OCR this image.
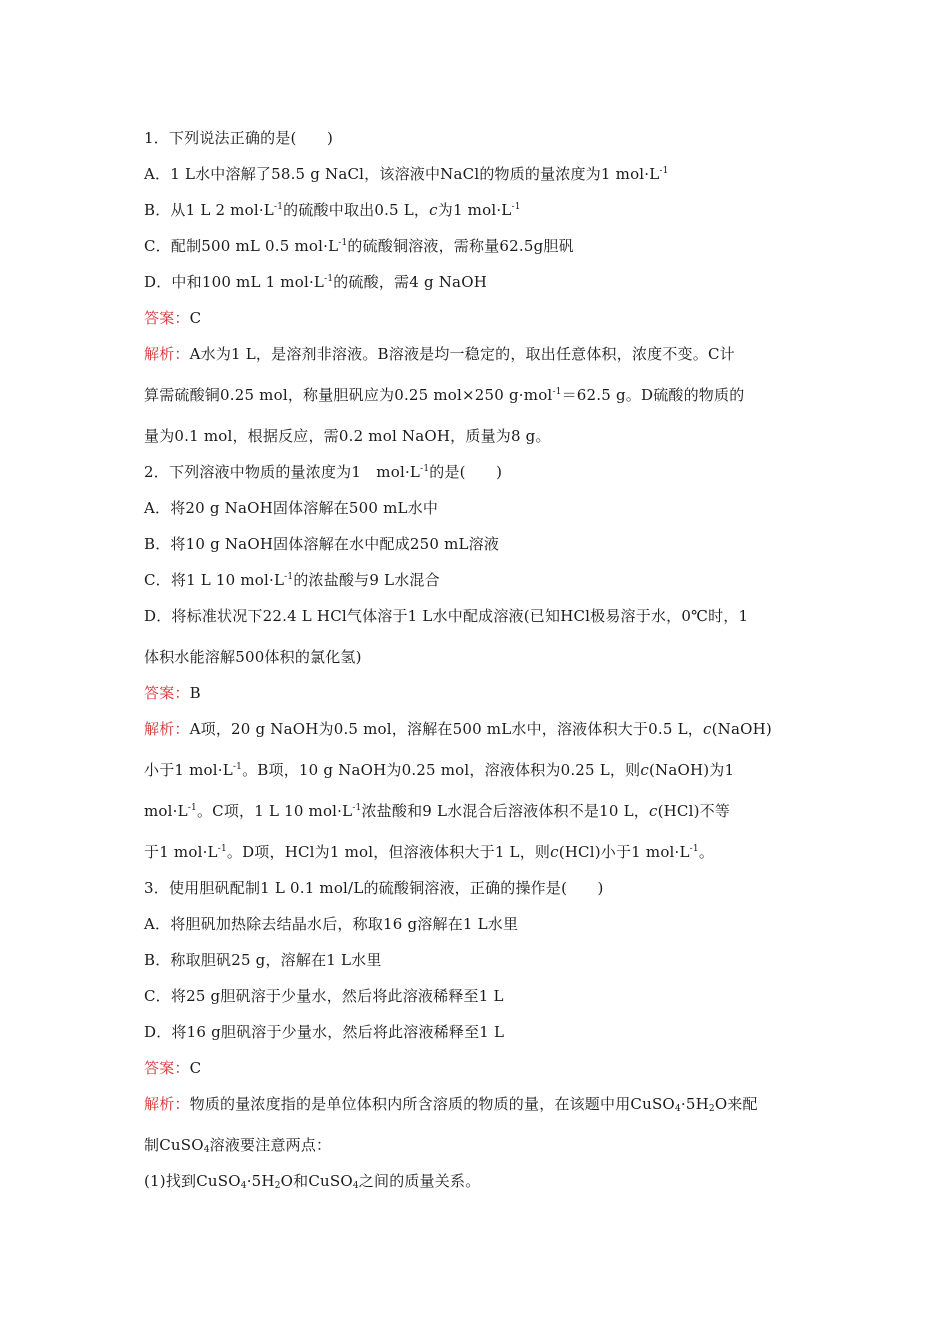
1．下列说法正确的是(　　)
A．1 L水中溶解了58.5 g NaCl，该溶液中NaCl的物质的量浓度为1 $mol\cdot L^{-1}$
B．从1 L 2 $mol\cdot L^{-1}$的硫酸中取出0.5 L，c为1 $mol\cdot L^{-1}$
C．配制500 mL 0.5 $mol\cdot L^{-1}$的硫酸铜溶液，需称量62.5g胆矾
D．中和100 mL 1 $mol\cdot L^{-1}$的硫酸，需4 g NaOH
答案：C
解析：A水为1 L，是溶剂非溶液。B溶液是均一稳定的，取出任意体积，浓度不变。C计
算需硫酸铜0.25 mol，称量胆矾应为0.25 mol×250 g·mol$^{-1}$＝62.5 g。D硫酸的物质的
量为0.1 mol，根据反应，需0.2 mol NaOH，质量为8 g。
2．下列溶液中物质的量浓度为1　$mol\cdot L^{-1}$的是(　　)
A．将20 g NaOH固体溶解在500 mL水中
B．将10 g NaOH固体溶解在水中配成250 mL溶液
C．将1 L 10 $mol\cdot L^{-1}$的浓盐酸与9 L水混合
D．将标准状况下22.4 L HCl气体溶于1 L水中配成溶液(已知HCl极易溶于水，0℃时，1
体积水能溶解500体积的氯化氢)
答案：B
解析：A项，20 g NaOH为0.5 mol，溶解在500 mL水中，溶液体积大于0.5 L，c(NaOH)
小于1 $mol\cdot L^{-1}$。B项，10 g NaOH为0.25 mol，溶液体积为0.25 L，则c(NaOH)为1
$mol\cdot L^{-1}$。C项，1 L 10 $mol\cdot L^{-1}$浓盐酸和9 L水混合后溶液体积不是10 L，c(HCl)不等
于1 $mol\cdot L^{-1}$。D项，HCl为1 mol，但溶液体积大于1 L，则c(HCl)小于1 $mol\cdot L^{-1}$。
3．使用胆矾配制1 L 0.1 mol/L的硫酸铜溶液，正确的操作是(　　)
A．将胆矾加热除去结晶水后，称取16 g溶解在1 L水里
B．称取胆矾25 g，溶解在1 L水里
C．将25 g胆矾溶于少量水，然后将此溶液稀释至1 L
D．将16 g胆矾溶于少量水，然后将此溶液稀释至1 L
答案：C
解析：物质的量浓度指的是单位体积内所含溶质的物质的量，在该题中用$CuSO_4\cdot 5H_2O$来配
制CuSO$_4$溶液要注意两点：
(1)找到$CuSO_4\cdot 5H_2O$和CuSO$_4$之间的质量关系。
